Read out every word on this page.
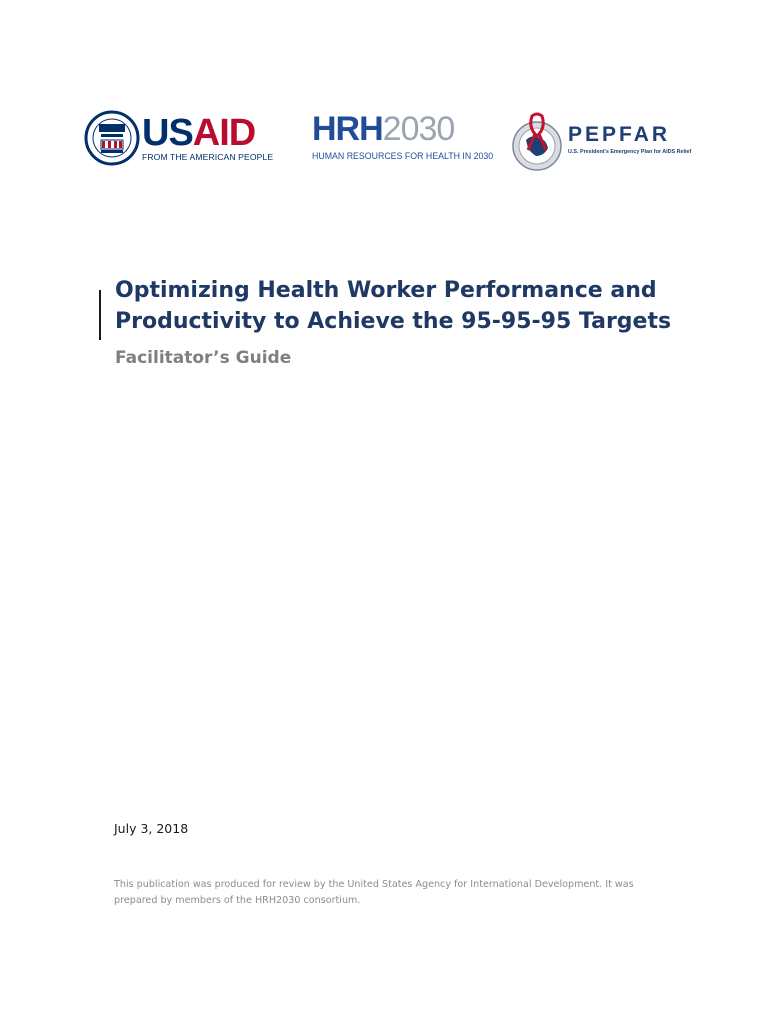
USAID
FROM THE AMERICAN PEOPLE
HRH2030
HUMAN RESOURCES FOR HEALTH IN 2030
PEPFAR
U.S. President's Emergency Plan for AIDS Relief
Optimizing Health Worker Performance and Productivity to Achieve the 95-95-95 Targets
Facilitator’s Guide
July 3, 2018

This publication was produced for review by the United States Agency for International Development. It was prepared by members of the HRH2030 consortium.
